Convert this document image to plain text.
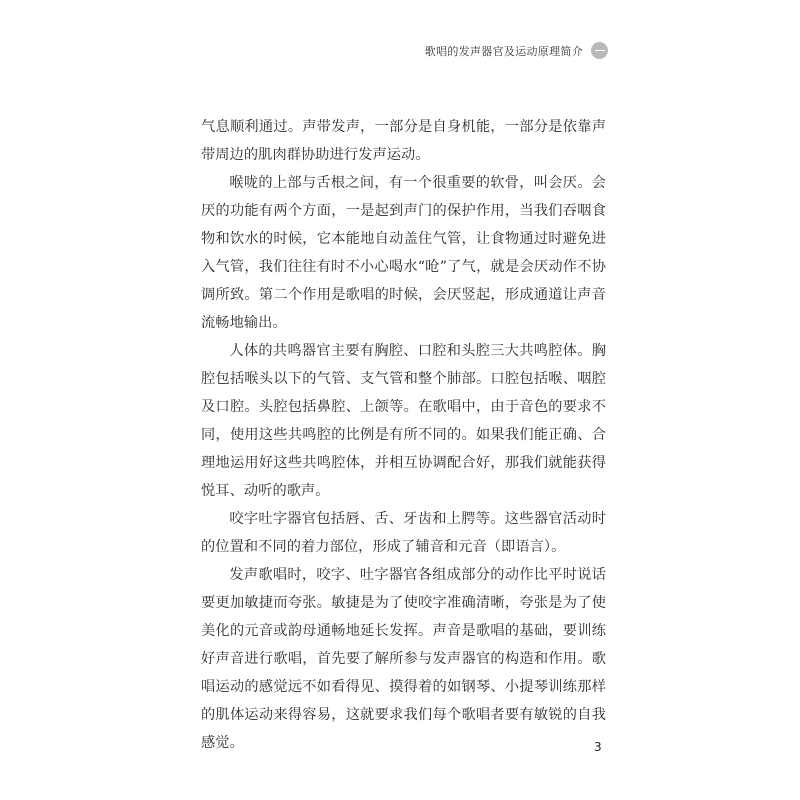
歌唱的发声器官及运动原理简介

气息顺利通过。声带发声，一部分是自身机能，一部分是依靠声带周边的肌肉群协助进行发声运动。

喉咙的上部与舌根之间，有一个很重要的软骨，叫会厌。会厌的功能有两个方面，一是起到声门的保护作用，当我们吞咽食物和饮水的时候，它本能地自动盖住气管，让食物通过时避免进入气管，我们往往有时不小心喝水“呛”了气，就是会厌动作不协调所致。第二个作用是歌唱的时候，会厌竖起，形成通道让声音流畅地输出。

人体的共鸣器官主要有胸腔、口腔和头腔三大共鸣腔体。胸腔包括喉头以下的气管、支气管和整个肺部。口腔包括喉、咽腔及口腔。头腔包括鼻腔、上颌等。在歌唱中，由于音色的要求不同，使用这些共鸣腔的比例是有所不同的。如果我们能正确、合理地运用好这些共鸣腔体，并相互协调配合好，那我们就能获得悦耳、动听的歌声。

咬字吐字器官包括唇、舌、牙齿和上腭等。这些器官活动时的位置和不同的着力部位，形成了辅音和元音（即语言）。

发声歌唱时，咬字、吐字器官各组成部分的动作比平时说话要更加敏捷而夸张。敏捷是为了使咬字准确清晰，夸张是为了使美化的元音或韵母通畅地延长发挥。声音是歌唱的基础，要训练好声音进行歌唱，首先要了解所参与发声器官的构造和作用。歌唱运动的感觉远不如看得见、摸得着的如钢琴、小提琴训练那样的肌体运动来得容易，这就要求我们每个歌唱者要有敏锐的自我感觉。	3
